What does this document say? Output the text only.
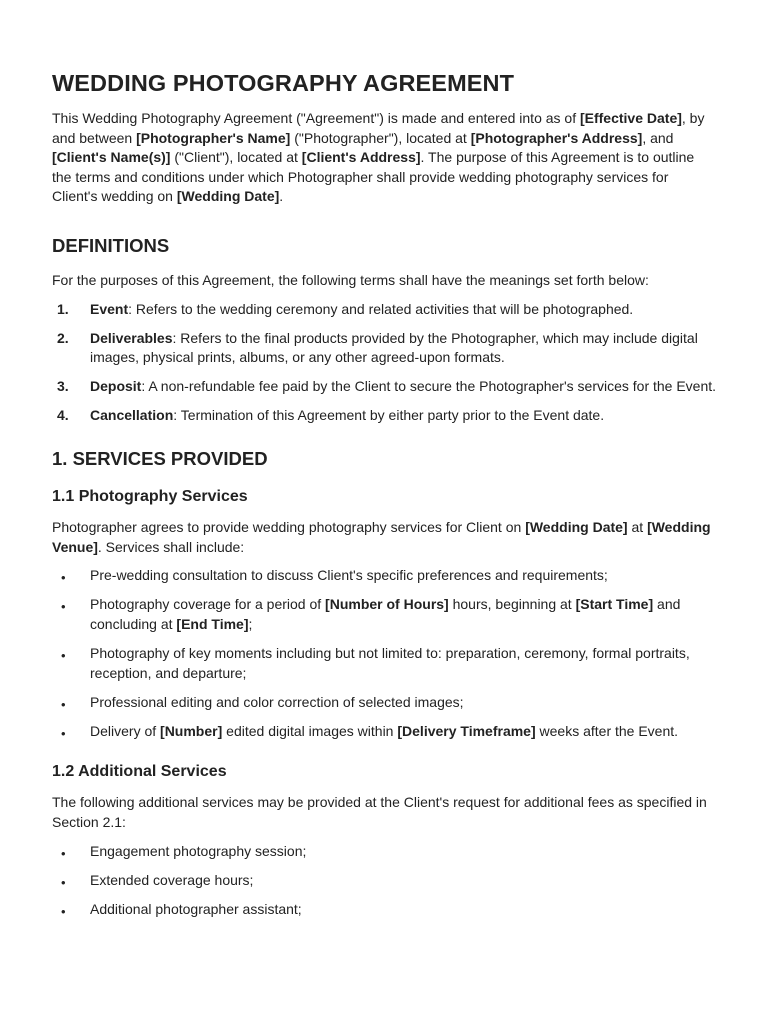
WEDDING PHOTOGRAPHY AGREEMENT

This Wedding Photography Agreement ("Agreement") is made and entered into as of [Effective Date], by and between [Photographer's Name] ("Photographer"), located at [Photographer's Address], and [Client's Name(s)] ("Client"), located at [Client's Address]. The purpose of this Agreement is to outline the terms and conditions under which Photographer shall provide wedding photography services for Client's wedding on [Wedding Date].

DEFINITIONS

For the purposes of this Agreement, the following terms shall have the meanings set forth below:

1. Event: Refers to the wedding ceremony and related activities that will be photographed.
2. Deliverables: Refers to the final products provided by the Photographer, which may include digital images, physical prints, albums, or any other agreed-upon formats.
3. Deposit: A non-refundable fee paid by the Client to secure the Photographer's services for the Event.
4. Cancellation: Termination of this Agreement by either party prior to the Event date.
1. SERVICES PROVIDED
1.1 Photography Services

Photographer agrees to provide wedding photography services for Client on [Wedding Date] at [Wedding Venue]. Services shall include:

• Pre-wedding consultation to discuss Client's specific preferences and requirements;
• Photography coverage for a period of [Number of Hours] hours, beginning at [Start Time] and concluding at [End Time];
• Photography of key moments including but not limited to: preparation, ceremony, formal portraits, reception, and departure;
• Professional editing and color correction of selected images;
• Delivery of [Number] edited digital images within [Delivery Timeframe] weeks after the Event.
1.2 Additional Services

The following additional services may be provided at the Client's request for additional fees as specified in Section 2.1:

• Engagement photography session;
• Extended coverage hours;
• Additional photographer assistant;
